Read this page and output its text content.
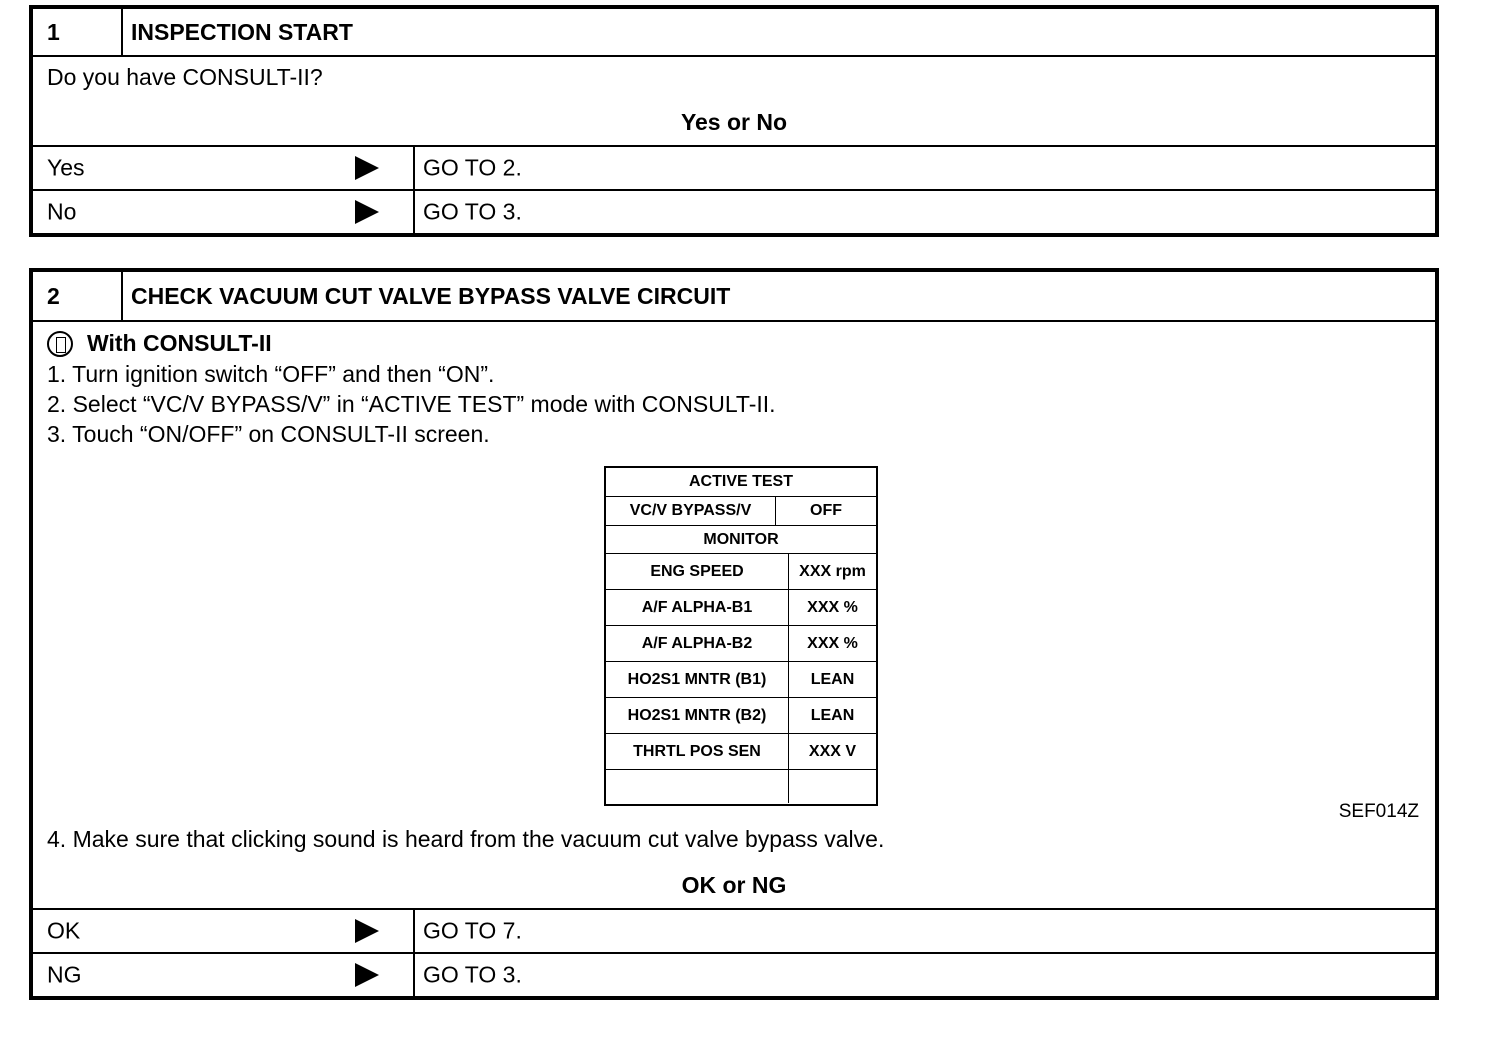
1	INSPECTION START
Do you have CONSULT-II?
Yes or No
Yes	GO TO 2.
No	GO TO 3.
2	CHECK VACUUM CUT VALVE BYPASS VALVE CIRCUIT
With CONSULT-II
1. Turn ignition switch “OFF” and then “ON”.
2. Select “VC/V BYPASS/V” in “ACTIVE TEST” mode with CONSULT-II.
3. Touch “ON/OFF” on CONSULT-II screen.
ACTIVE TEST
VC/V BYPASS/V	OFF
MONITOR
ENG SPEED	XXX rpm
A/F ALPHA-B1	XXX %
A/F ALPHA-B2	XXX %
HO2S1 MNTR (B1)	LEAN
HO2S1 MNTR (B2)	LEAN
THRTL POS SEN	XXX V
SEF014Z
4. Make sure that clicking sound is heard from the vacuum cut valve bypass valve.
OK or NG
OK	GO TO 7.
NG	GO TO 3.
